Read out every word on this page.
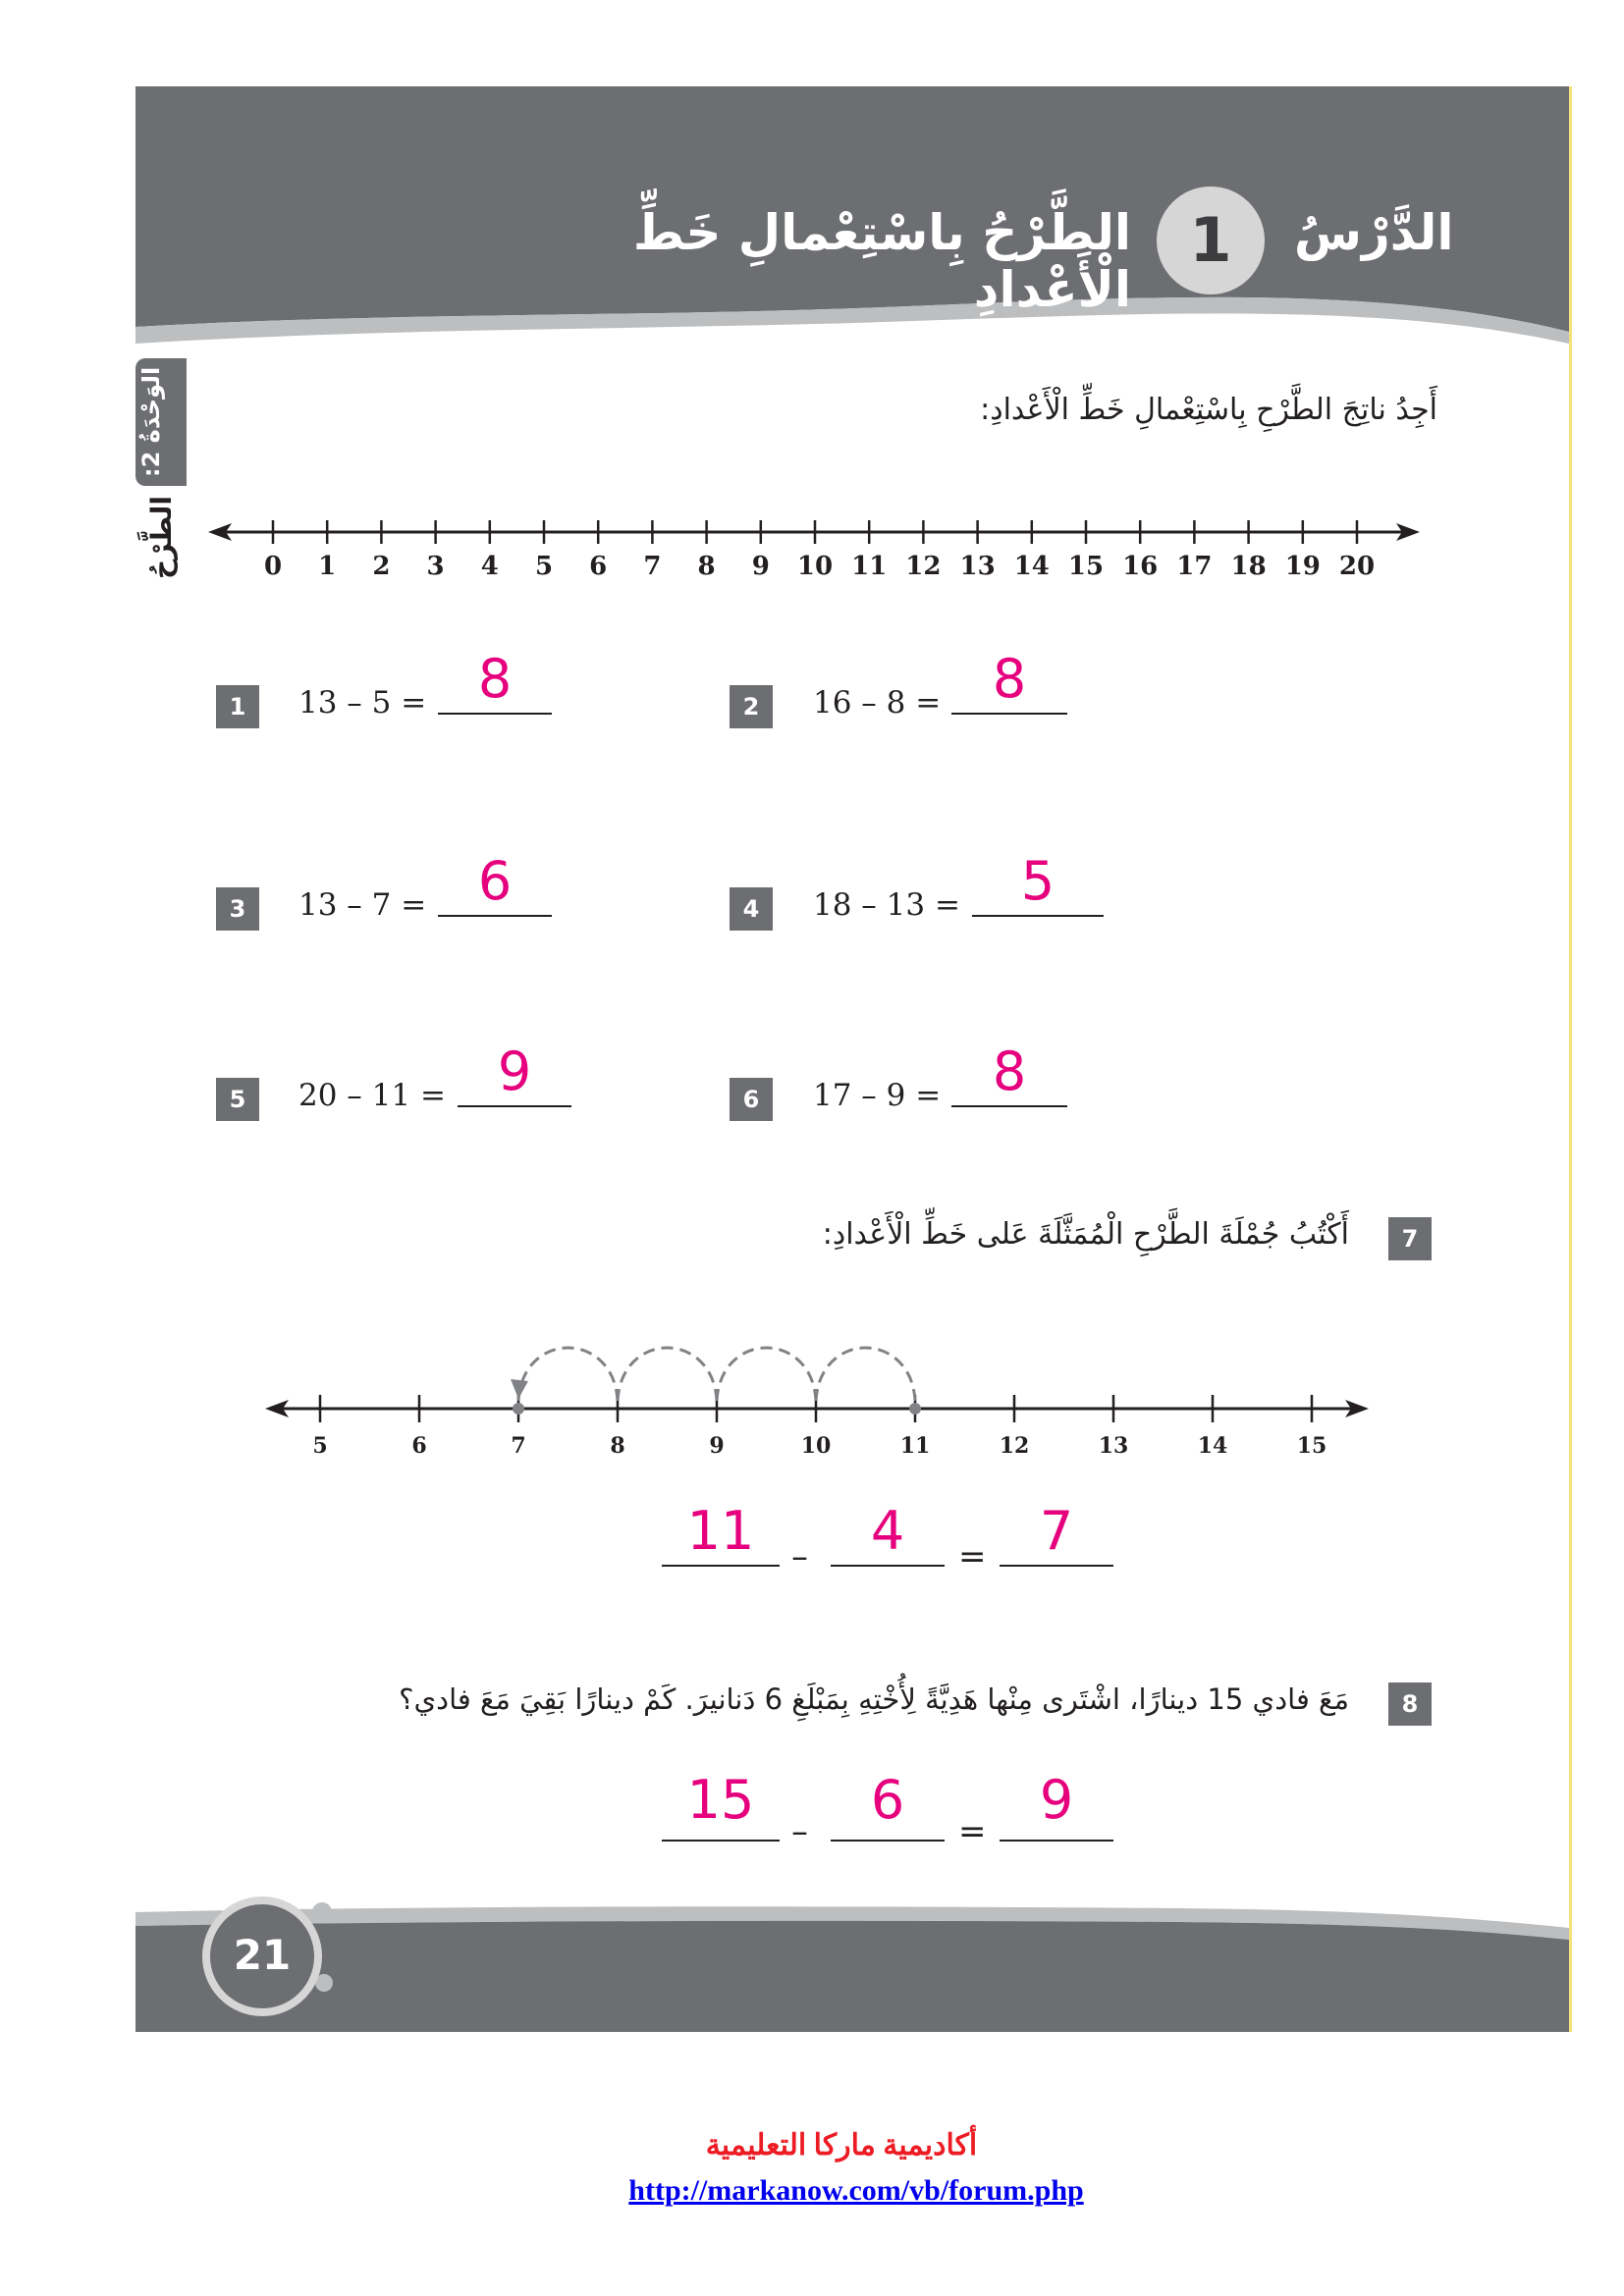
الدَّرْسُ
1
الطَّرْحُ بِاسْتِعْمالِ خَطِّ الْأَعْدادِ
الوَحْدَةُ 2:
الطَّرْحُ
أَجِدُ ناتِجَ الطَّرْحِ بِاسْتِعْمالِ خَطِّ الْأَعْدادِ:
0 1 2 3 4 5 6 7 8 9 10 11 12 13 14 15 16 17 18 19 20
1	13 – 5 = 8	2	16 – 8 = 8
3	13 – 7 = 6	4	18 – 13 =	5
5	20 – 11 = 9	6	17 – 9 = 8
7
أَكْتُبُ جُمْلَةَ الطَّرْحِ الْمُمَثَّلَةَ عَلى خَطِّ الْأَعْدادِ:
5	6	7	8	9	10	11	12	13	14	15
11	–	4	=	7
8
مَعَ فادي 15 دينارًا، اشْتَرى مِنْها هَدِيَّةً لِأُخْتِهِ بِمَبْلَغِ 6 دَنانيرَ. كَمْ دينارًا بَقِيَ مَعَ فادي؟
15
–
6
=
9
21
أكاديمية ماركا التعليمية
http://markanow.com/vb/forum.php
